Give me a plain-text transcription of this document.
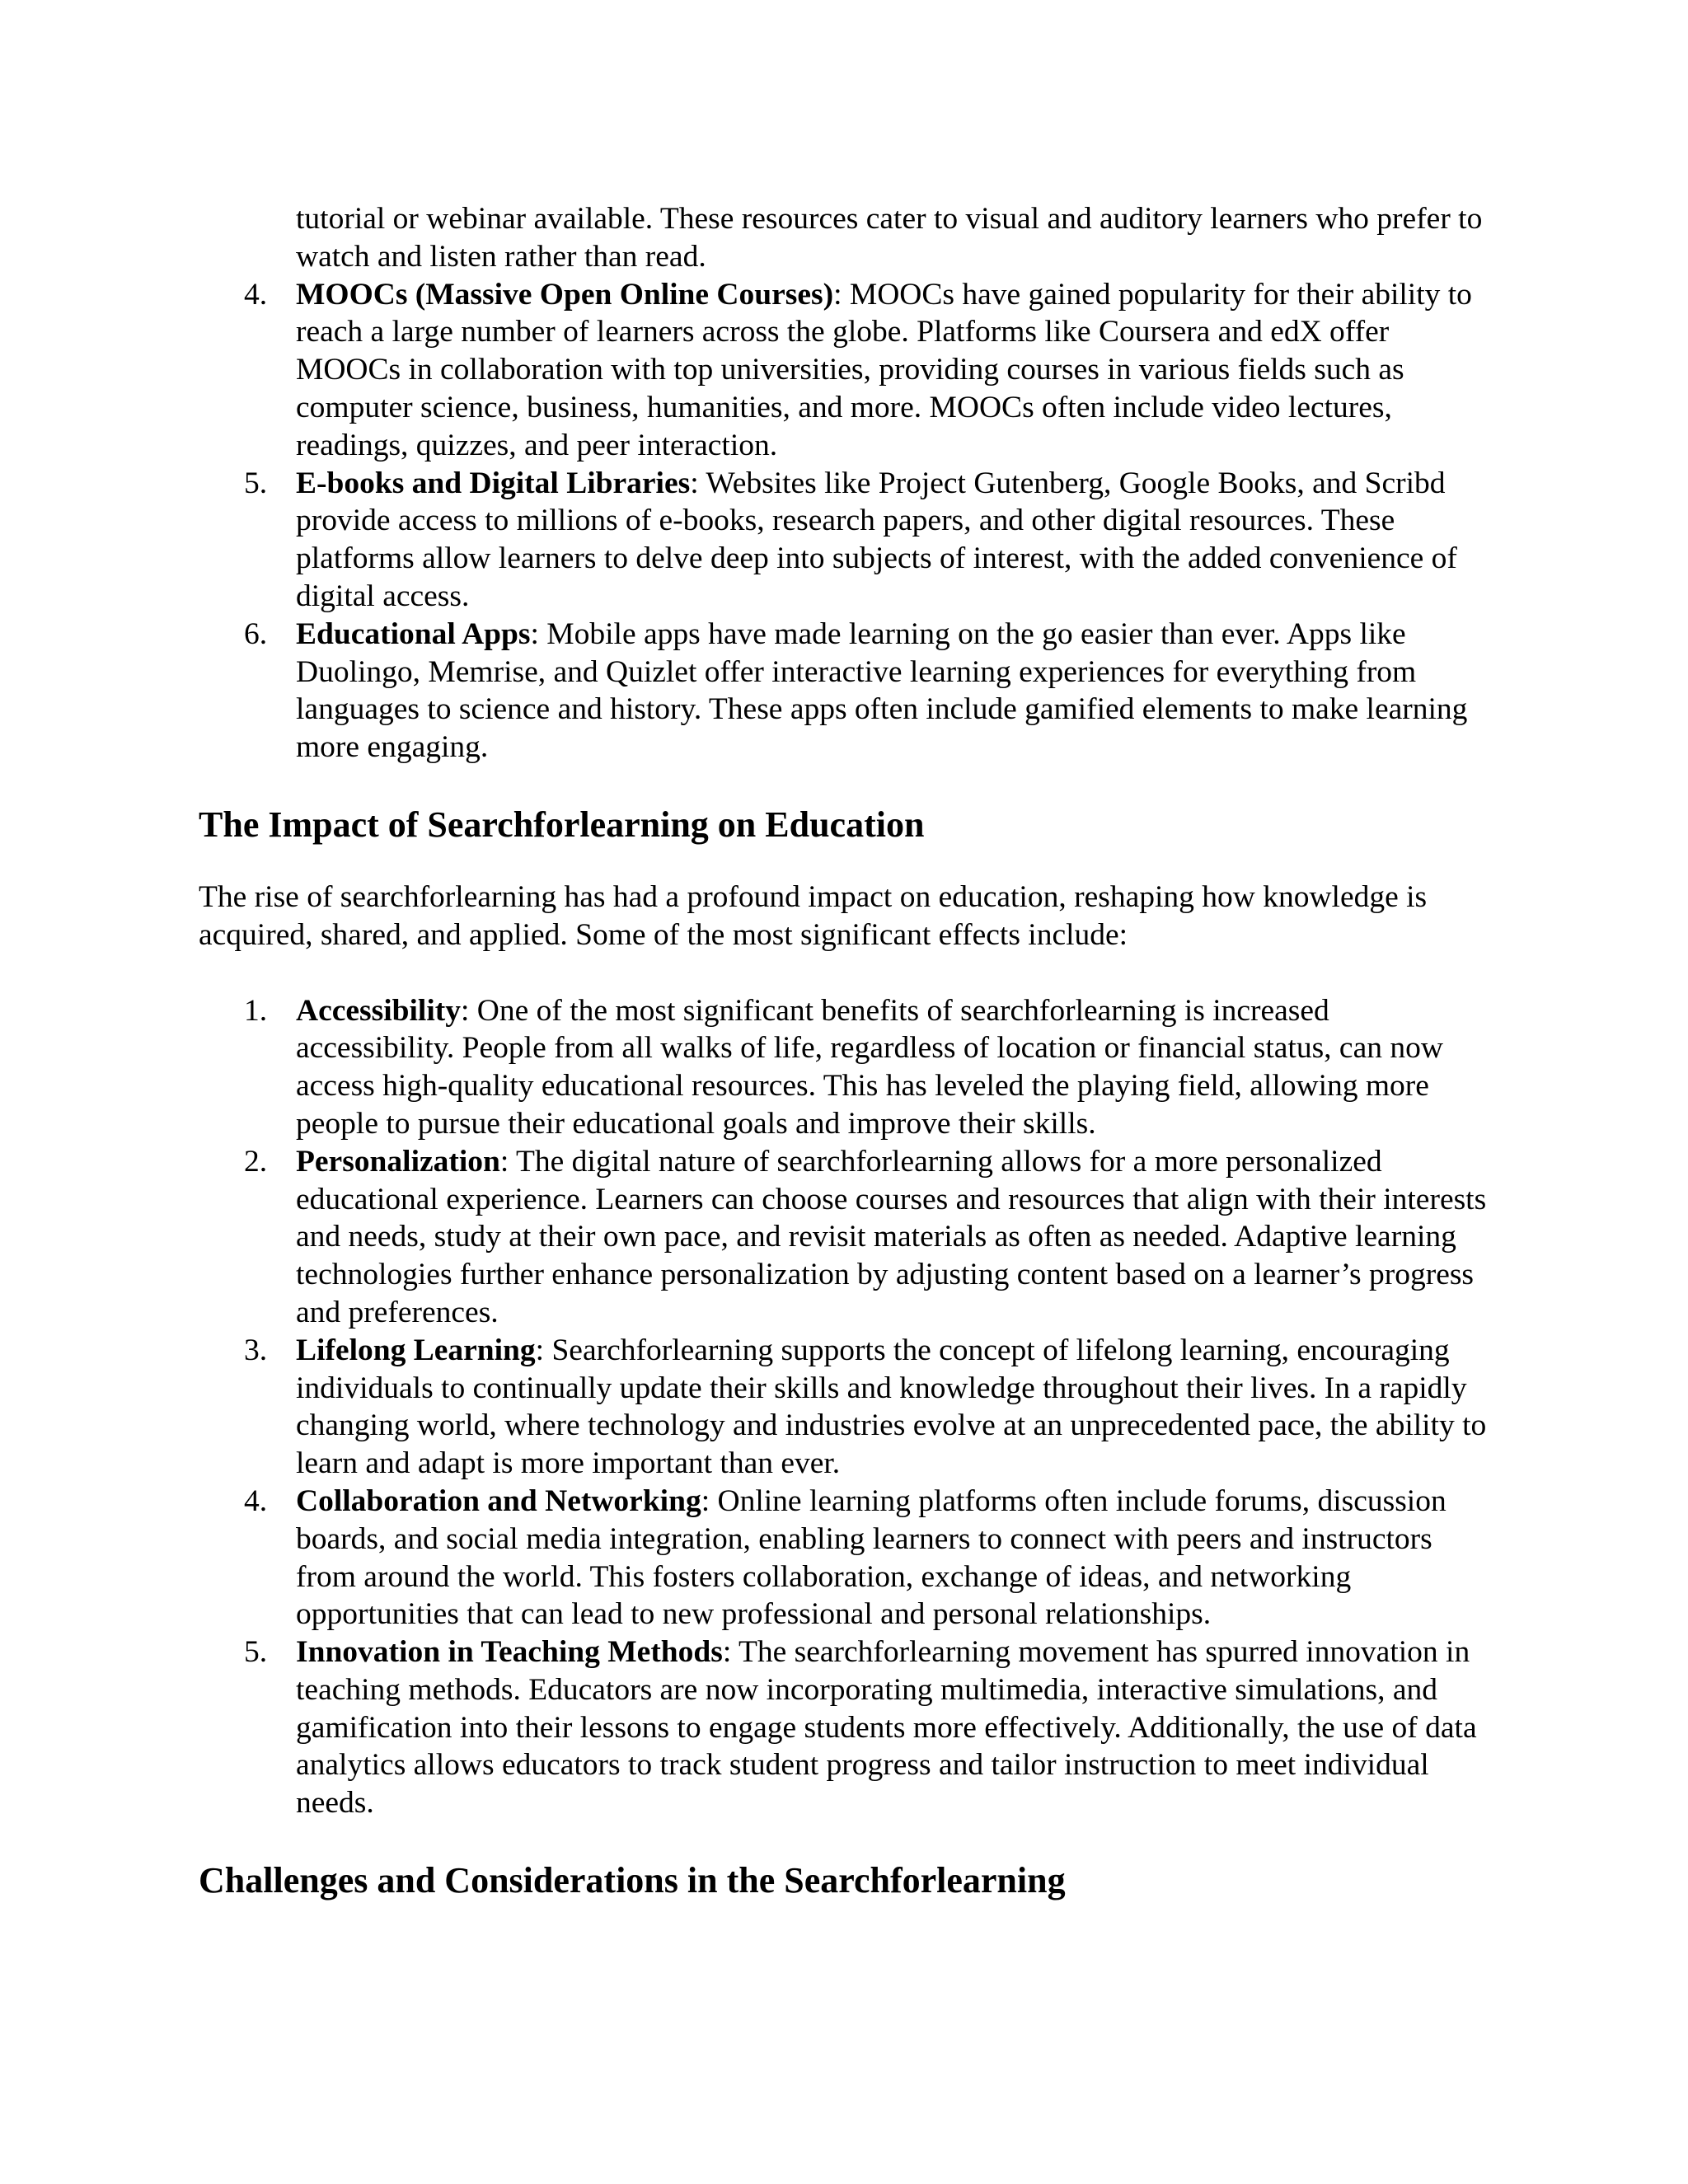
tutorial or webinar available. These resources cater to visual and auditory learners who prefer to watch and listen rather than read.
4. MOOCs (Massive Open Online Courses): MOOCs have gained popularity for their ability to reach a large number of learners across the globe. Platforms like Coursera and edX offer MOOCs in collaboration with top universities, providing courses in various fields such as computer science, business, humanities, and more. MOOCs often include video lectures, readings, quizzes, and peer interaction.
5. E-books and Digital Libraries: Websites like Project Gutenberg, Google Books, and Scribd provide access to millions of e-books, research papers, and other digital resources. These platforms allow learners to delve deep into subjects of interest, with the added convenience of digital access.
6. Educational Apps: Mobile apps have made learning on the go easier than ever. Apps like Duolingo, Memrise, and Quizlet offer interactive learning experiences for everything from languages to science and history. These apps often include gamified elements to make learning more engaging.
The Impact of Searchforlearning on Education

The rise of searchforlearning has had a profound impact on education, reshaping how knowledge is acquired, shared, and applied. Some of the most significant effects include:

1. Accessibility: One of the most significant benefits of searchforlearning is increased accessibility. People from all walks of life, regardless of location or financial status, can now access high-quality educational resources. This has leveled the playing field, allowing more people to pursue their educational goals and improve their skills.
2. Personalization: The digital nature of searchforlearning allows for a more personalized educational experience. Learners can choose courses and resources that align with their interests and needs, study at their own pace, and revisit materials as often as needed. Adaptive learning technologies further enhance personalization by adjusting content based on a learner’s progress and preferences.
3. Lifelong Learning: Searchforlearning supports the concept of lifelong learning, encouraging individuals to continually update their skills and knowledge throughout their lives. In a rapidly changing world, where technology and industries evolve at an unprecedented pace, the ability to learn and adapt is more important than ever.
4. Collaboration and Networking: Online learning platforms often include forums, discussion boards, and social media integration, enabling learners to connect with peers and instructors from around the world. This fosters collaboration, exchange of ideas, and networking opportunities that can lead to new professional and personal relationships.
5. Innovation in Teaching Methods: The searchforlearning movement has spurred innovation in teaching methods. Educators are now incorporating multimedia, interactive simulations, and gamification into their lessons to engage students more effectively. Additionally, the use of data analytics allows educators to track student progress and tailor instruction to meet individual needs.
Challenges and Considerations in the Searchforlearning
